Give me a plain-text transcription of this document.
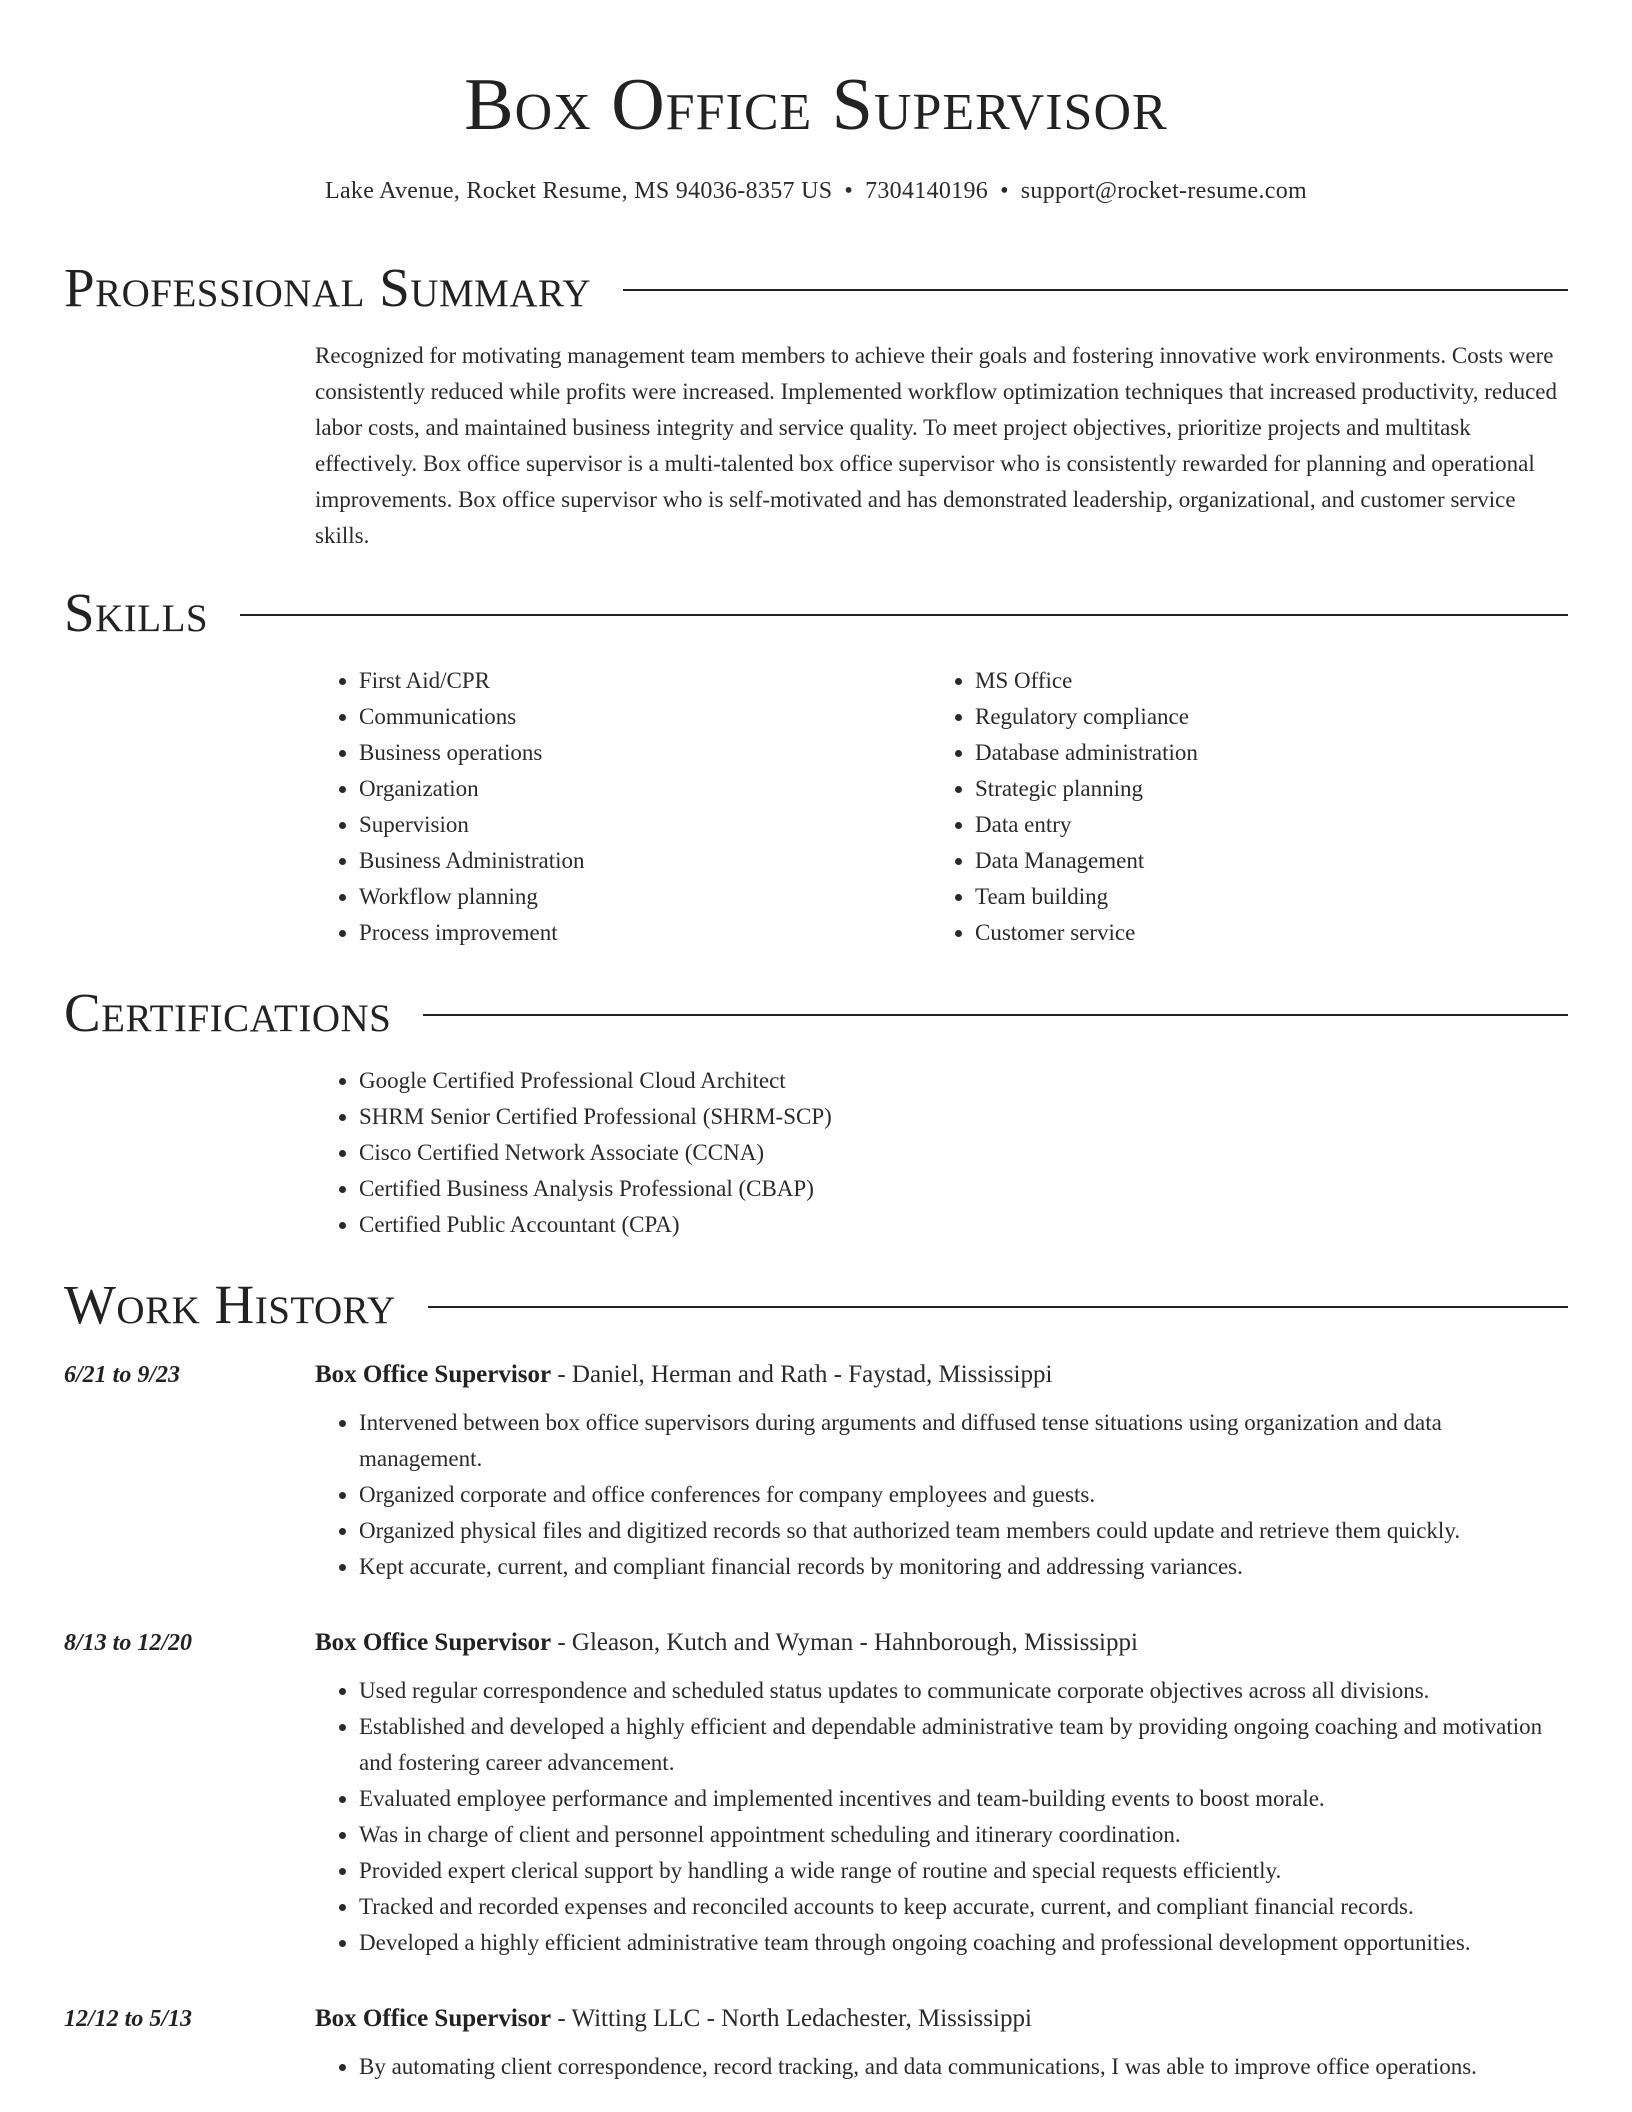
Box Office Supervisor
Lake Avenue, Rocket Resume, MS 94036-8357 US • 7304140196 • support@rocket-resume.com
Professional Summary
Recognized for motivating management team members to achieve their goals and fostering innovative work environments. Costs were consistently reduced while profits were increased. Implemented workflow optimization techniques that increased productivity, reduced labor costs, and maintained business integrity and service quality. To meet project objectives, prioritize projects and multitask effectively. Box office supervisor is a multi-talented box office supervisor who is consistently rewarded for planning and operational improvements. Box office supervisor who is self-motivated and has demonstrated leadership, organizational, and customer service skills.
Skills
• First Aid/CPR
• Communications
• Business operations
• Organization
• Supervision
• Business Administration
• Workflow planning
• Process improvement
• MS Office
• Regulatory compliance
• Database administration
• Strategic planning
• Data entry
• Data Management
• Team building
• Customer service
Certifications
• Google Certified Professional Cloud Architect
• SHRM Senior Certified Professional (SHRM-SCP)
• Cisco Certified Network Associate (CCNA)
• Certified Business Analysis Professional (CBAP)
• Certified Public Accountant (CPA)
Work History
6/21 to 9/23	Box Office Supervisor - Daniel, Herman and Rath - Faystad, Mississippi
• Intervened between box office supervisors during arguments and diffused tense situations using organization and data management.
• Organized corporate and office conferences for company employees and guests.
• Organized physical files and digitized records so that authorized team members could update and retrieve them quickly.
• Kept accurate, current, and compliant financial records by monitoring and addressing variances.
8/13 to 12/20	Box Office Supervisor - Gleason, Kutch and Wyman - Hahnborough, Mississippi
• Used regular correspondence and scheduled status updates to communicate corporate objectives across all divisions.
• Established and developed a highly efficient and dependable administrative team by providing ongoing coaching and motivation and fostering career advancement.
• Evaluated employee performance and implemented incentives and team-building events to boost morale.
• Was in charge of client and personnel appointment scheduling and itinerary coordination.
• Provided expert clerical support by handling a wide range of routine and special requests efficiently.
• Tracked and recorded expenses and reconciled accounts to keep accurate, current, and compliant financial records.
• Developed a highly efficient administrative team through ongoing coaching and professional development opportunities.
12/12 to 5/13	Box Office Supervisor - Witting LLC - North Ledachester, Mississippi
• By automating client correspondence, record tracking, and data communications, I was able to improve office operations.
